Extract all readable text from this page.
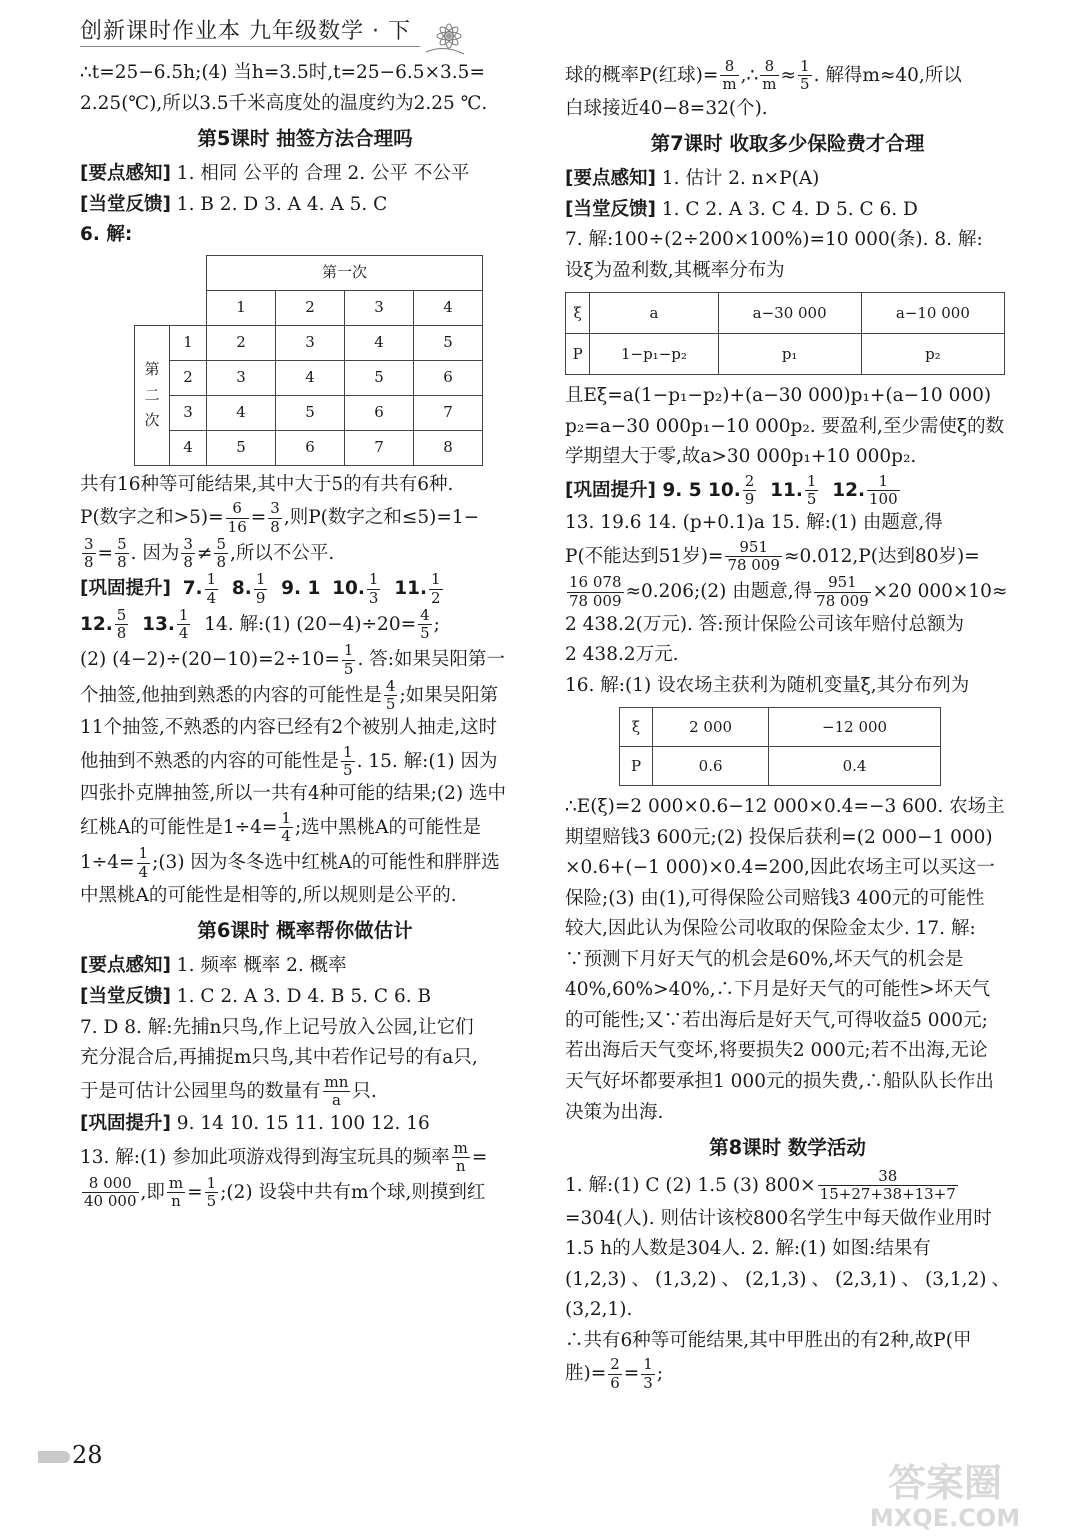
创新课时作业本 九年级数学 · 下

∴t=25−6.5h;(4) 当h=3.5时,t=25−6.5×3.5=

2.25(℃),所以3.5千米高度处的温度约为2.25 ℃.

第5课时 抽签方法合理吗

[要点感知] 1. 相同 公平的 合理 2. 公平 不公平

[当堂反馈] 1. B 2. D 3. A 4. A 5. C

6. 解:

		第一次			
		1	2	3	4
第
二
次	1	2	3	4	5
	2	3	4	5	6
	3	4	5	6	7
	4	5	6	7	8

共有16种等可能结果,其中大于5的有共有6种.

P(数字之和$>5)= \frac{6}{16} = \frac{3}{8}$ ,则P(数字之和≤5)=1−

$\frac{3}{8} = \frac{5}{8}$ . 因为 $\frac{3}{8} \ne \frac{5}{8}$ ,所以不公平.

[巩固提升] 7. $\frac{1}{4} 8$. $\frac{1}{9} 9$. 1 10. $\frac{1}{3} 11$. $\frac{1}{2}$

12. $\frac{5}{8} 13$. $\frac{1}{4} 14$. 解:(1) $(20-4)\div 20= \frac{4}{5}$ ;

(2) $(4-2)\div(20-10)=2\div 10= \frac{1}{5}$ . 答:如果吴阳第一

个抽签,他抽到熟悉的内容的可能性是 $\frac{4}{5}$ ;如果吴阳第

11个抽签,不熟悉的内容已经有2个被别人抽走,这时

他抽到不熟悉的内容的可能性是 $\frac{1}{5}$ . 15. 解:(1) 因为

四张扑克牌抽签,所以一共有4种可能的结果;(2) 选中

红桃A的可能性是$1\div 4= \frac{1}{4}$ ;选中黑桃A的可能性是

$1\div 4= \frac{1}{4}$ ;(3) 因为冬冬选中红桃A的可能性和胖胖选

中黑桃A的可能性是相等的,所以规则是公平的.

第6课时 概率帮你做估计

[要点感知] 1. 频率 概率 2. 概率

[当堂反馈] 1. C 2. A 3. D 4. B 5. C 6. B

7. D 8. 解:先捕n只鸟,作上记号放入公园,让它们

充分混合后,再捕捉m只鸟,其中若作记号的有a只,

于是可估计公园里鸟的数量有 $\frac{mn}{a}$ 只.

[巩固提升] 9. 14 10. 15 11. 100 12. 16

13. 解:(1) 参加此项游戏得到海宝玩具的频率 $\frac{m}{n}$ =

$\frac{8 000}{40 000}$ ,即 $\frac{m}{n} = \frac{1}{5}$ ;(2) 设袋中共有m个球,则摸到红

球的概率P(红球)= $\frac{8}{m}$ ,∴ $\frac{8}{m} \approx \frac{1}{5}$ . 解得m≈40,所以

白球接近40−8=32(个).

第7课时 收取多少保险费才合理

[要点感知] 1. 估计 2. n×P(A)

[当堂反馈] 1. C 2. A 3. C 4. D 5. C 6. D

7. 解:100÷(2÷200×100%)=10 000(条). 8. 解:

设ξ为盈利数,其概率分布为

ξ	a	a−30 000	a−10 000
P	1−p₁−p₂	p₁	p₂

且Eξ=a(1−p₁−p₂)+(a−30 000)p₁+(a−10 000)

p₂=a−30 000p₁−10 000p₂. 要盈利,至少需使ξ的数

学期望大于零,故a>30 000p₁+10 000p₂.

[巩固提升] 9. 5 10. $\frac{2}{9} 11$. $\frac{1}{5} 12$. $\frac{1}{100}$

13. 19.6 14. (p+0.1)a 15. 解:(1) 由题意,得

P(不能达到51岁)= $\frac{951}{78 009} \approx 0.012,P$(达到80岁)=

$\frac{16 078}{78 009}$ ≈0.206;(2) 由题意,得 $\frac{951}{78 009} \times 20$ 000×10≈

2 438.2(万元). 答:预计保险公司该年赔付总额为

2 438.2万元.

16. 解:(1) 设农场主获利为随机变量ξ,其分布列为

ξ	2 000	−12 000
P	0.6	0.4

∴E(ξ)=2 000×0.6−12 000×0.4=−3 600. 农场主

期望赔钱3 600元;(2) 投保后获利=(2 000−1 000)

×0.6+(−1 000)×0.4=200,因此农场主可以买这一

保险;(3) 由(1),可得保险公司赔钱3 400元的可能性

较大,因此认为保险公司收取的保险金太少. 17. 解:

∵预测下月好天气的机会是60%,坏天气的机会是

40%,60%>40%,∴下月是好天气的可能性>坏天气

的可能性;又∵若出海后是好天气,可得收益5 000元;

若出海后天气变坏,将要损失2 000元;若不出海,无论

天气好坏都要承担1 000元的损失费,∴船队队长作出

决策为出海.

第8课时 数学活动

1. 解:(1) C (2) 1.5 (3) $800\times \frac{38}{15+27+38+13+7}$

=304(人). 则估计该校800名学生中每天做作业用时

1.5 h的人数是304人. 2. 解:(1) 如图:结果有

(1,2,3)、(1,3,2)、(2,1,3)、(2,3,1)、(3,1,2)、(3,2,1).

∴共有6种等可能结果,其中甲胜出的有2种,故P(甲

胜)= $\frac{2}{6} = \frac{1}{3}$ ;

28
答案圈
MXQE.COM
